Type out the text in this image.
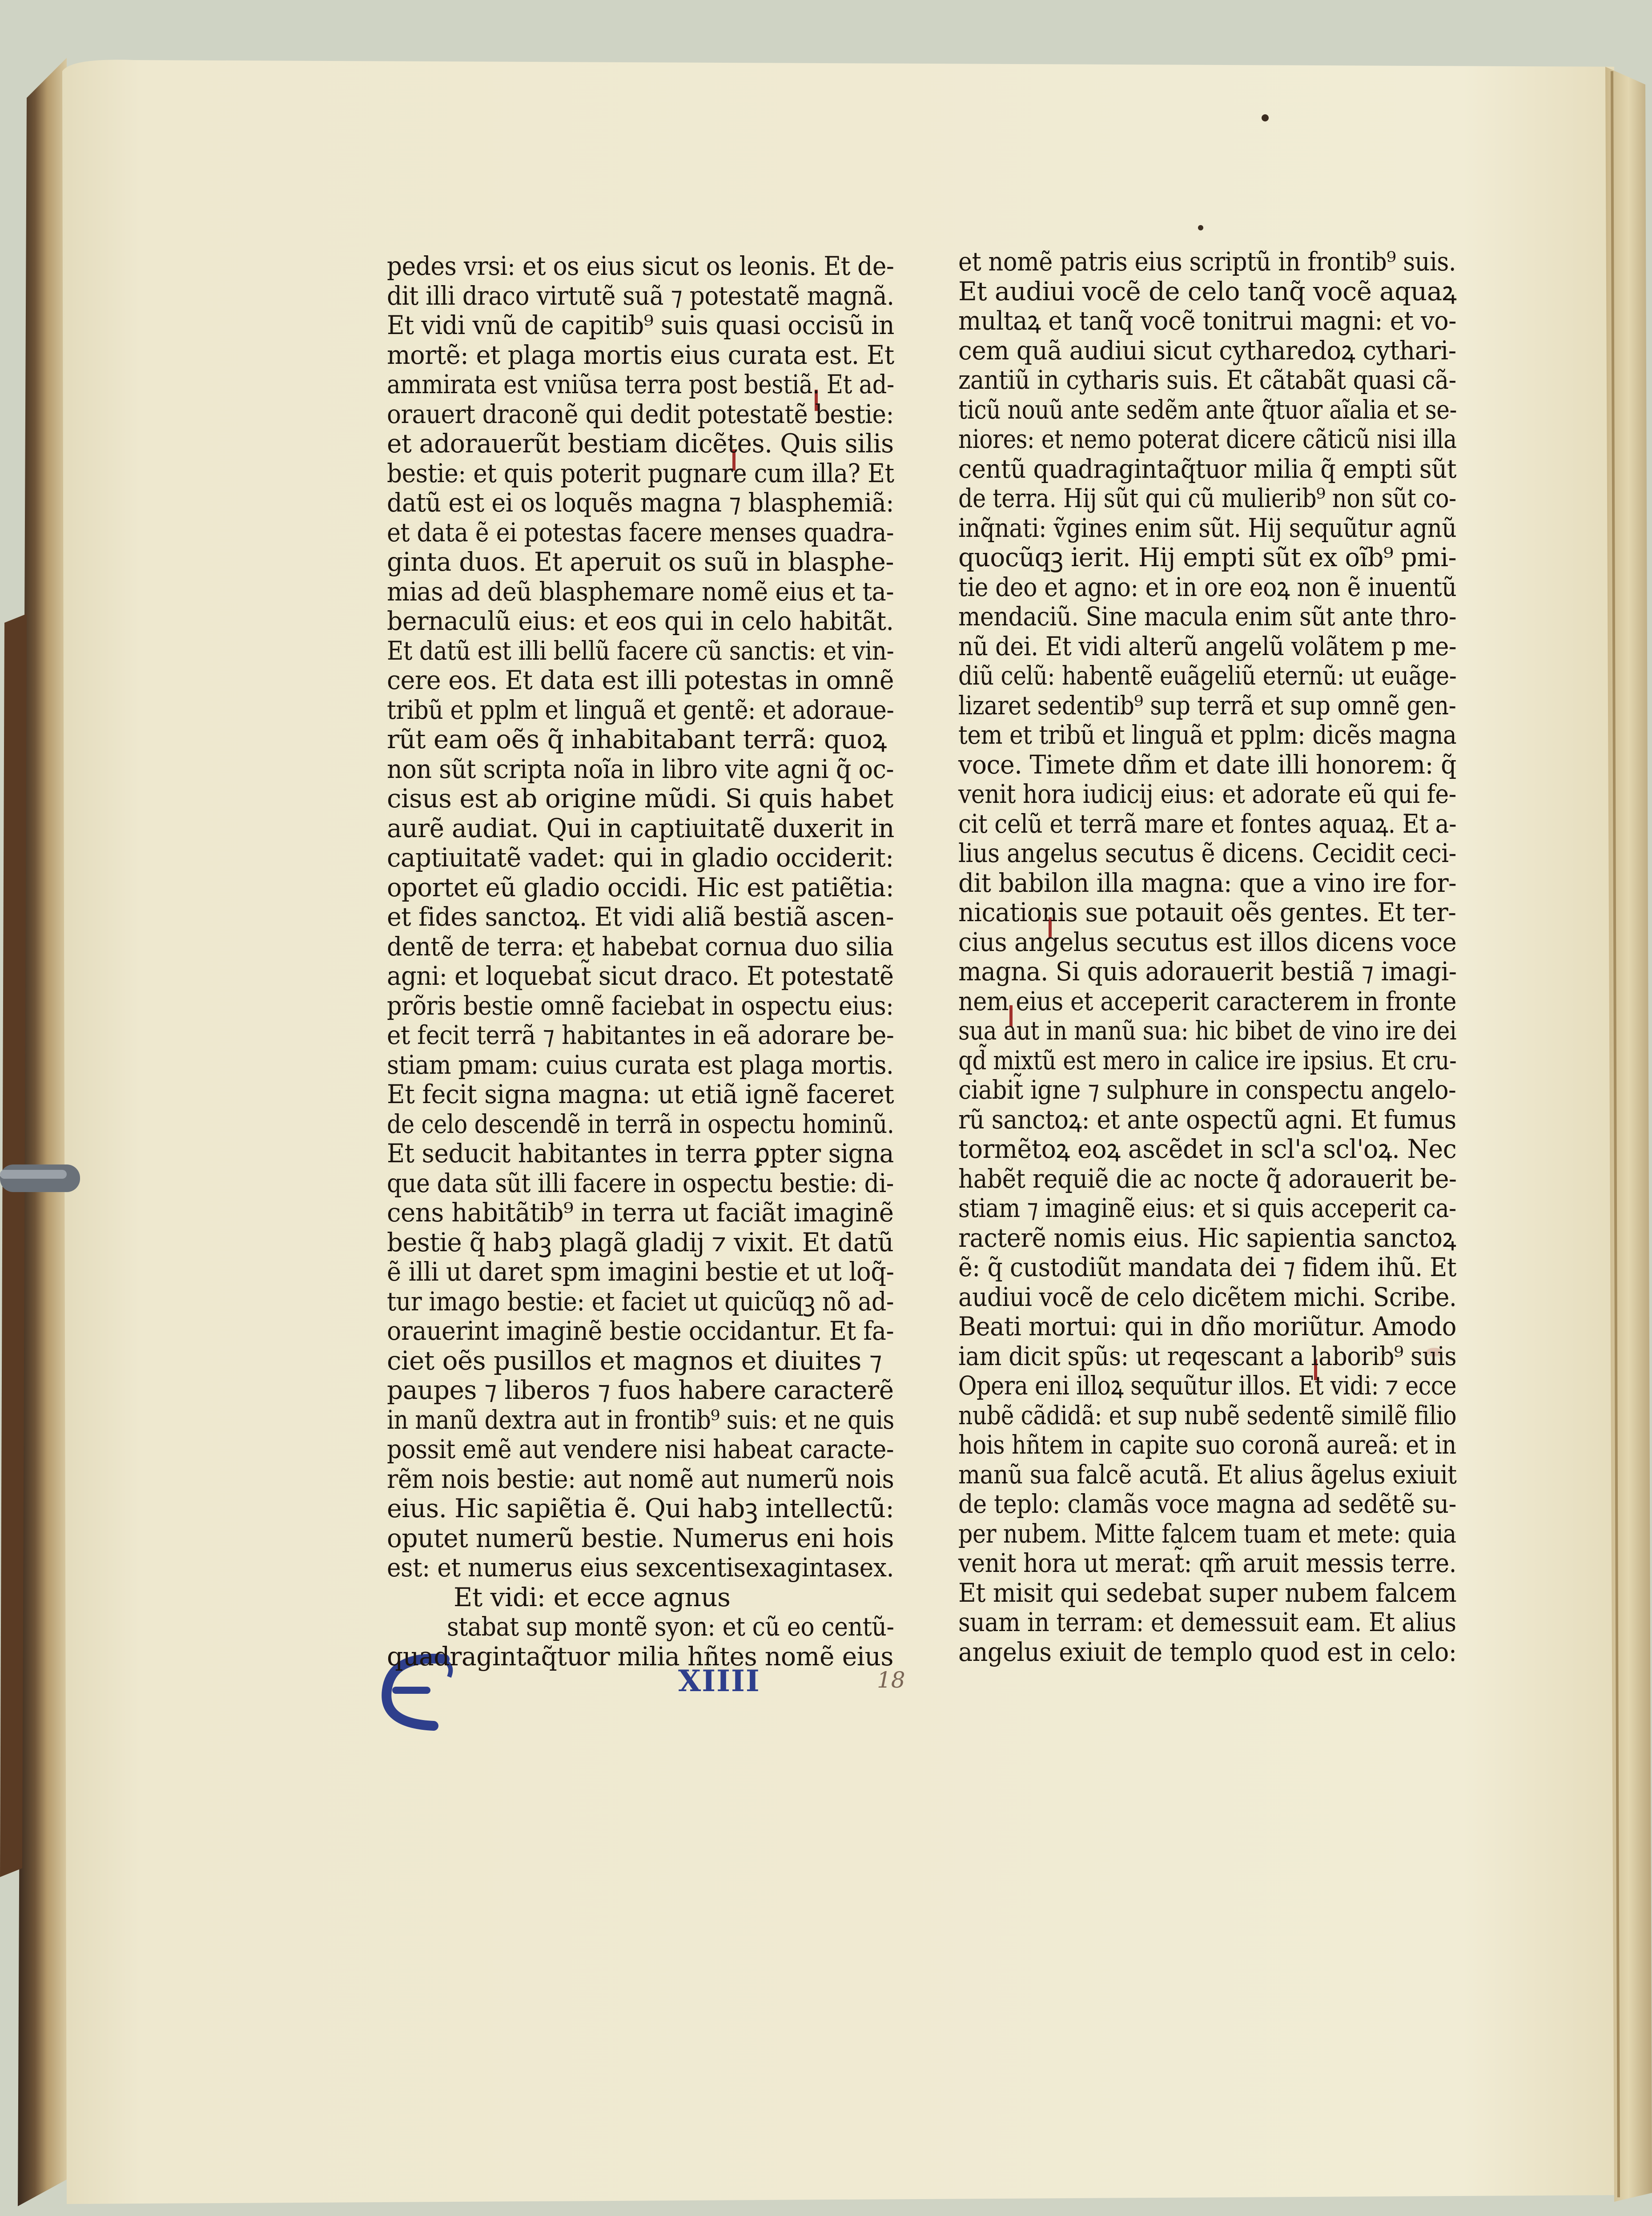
pedes vrsi: et os eius sicut os leonis. Et de-
dit illi draco virtutẽ suã ⁊ potestatẽ magnã.
Et vidi vnũ de capitib⁹ suis quasi occisũ in
mortẽ: et plaga mortis eius curata est. Et
ammirata est vniũsa terra post bestiã. Et ad-
orauert draconẽ qui dedit potestatẽ bestie:
et adorauerũt bestiam dicẽtes. Quis silis
bestie: et quis poterit pugnare cum illa? Et
datũ est ei os loquẽs magna ⁊ blasphemiã:
et data ẽ ei potestas facere menses quadra-
ginta duos. Et aperuit os suũ in blasphe-
mias ad deũ blasphemare nomẽ eius et ta-
bernaculũ eius: et eos qui in celo habitãt.
Et datũ est illi bellũ facere cũ sanctis: et vin-
cere eos. Et data est illi potestas in omnẽ
tribũ et pplm et linguã et gentẽ: et adoraue-
rũt eam oẽs q̃ inhabitabant terrã: quoꝝ
non sũt scripta noĩa in libro vite agni q̃ oc-
cisus est ab origine mũdi. Si quis habet
aurẽ audiat. Qui in captiuitatẽ duxerit in
captiuitatẽ vadet: qui in gladio occiderit:
oportet eũ gladio occidi. Hic est patiẽtia:
et fides sanctoꝝ. Et vidi aliã bestiã ascen-
dentẽ de terra: et habebat cornua duo silia
agni: et loquebat̃ sicut draco. Et potestatẽ
prõris bestie omnẽ faciebat in ospectu eius:
et fecit terrã ⁊ habitantes in eã adorare be-
stiam pmam: cuius curata est plaga mortis.
Et fecit signa magna: ut etiã ignẽ faceret
de celo descendẽ in terrã in ospectu hominũ.
Et seducit habitantes in terra ꝑpter signa
que data sũt illi facere in ospectu bestie: di-
cens habitãtib⁹ in terra ut faciãt imaginẽ
bestie q̃ habꝫ plagã gladij ⁊ vixit. Et datũ
ẽ illi ut daret spm imagini bestie et ut loq̃-
tur imago bestie: et faciet ut quicũqꝫ nõ ad-
orauerint imaginẽ bestie occidantur. Et fa-
ciet oẽs pusillos et magnos et diuites ⁊
paupes ⁊ liberos ⁊ fuos habere caracterẽ
in manũ dextra aut in frontib⁹ suis: et ne quis
possit emẽ aut vendere nisi habeat caracte-
rẽm nois bestie: aut nomẽ aut numerũ nois
eius. Hic sapiẽtia ẽ. Qui habꝫ intellectũ:
oputet numerũ bestie. Numerus eni hois
est: et numerus eius sexcentisexagintasex.
Et vidi: et ecce agnus
stabat sup montẽ syon: et cũ eo centũ-
quadragintaq̃tuor milia hñtes nomẽ eius
et nomẽ patris eius scriptũ in frontib⁹ suis.
Et audiui vocẽ de celo tanq̃ vocẽ aquaꝝ
multaꝝ et tanq̃ vocẽ tonitrui magni: et vo-
cem quã audiui sicut cytharedoꝝ cythari-
zantiũ in cytharis suis. Et cãtabãt quasi cã-
ticũ nouũ ante sedẽm ante q̃tuor aĩalia et se-
niores: et nemo poterat dicere cãticũ nisi illa
centũ quadragintaq̃tuor milia q̃ empti sũt
de terra. Hij sũt qui cũ mulierib⁹ non sũt co-
inq̃nati: ṽgines enim sũt. Hij sequũtur agnũ
quocũqꝫ ierit. Hij empti sũt ex oĩb⁹ pmi-
tie deo et agno: et in ore eoꝝ non ẽ inuentũ
mendaciũ. Sine macula enim sũt ante thro-
nũ dei. Et vidi alterũ angelũ volãtem p me-
diũ celũ: habentẽ euãgeliũ eternũ: ut euãge-
lizaret sedentib⁹ sup terrã et sup omnẽ gen-
tem et tribũ et linguã et pplm: dicẽs magna
voce. Timete dñm et date illi honorem: q̃
venit hora iudicij eius: et adorate eũ qui fe-
cit celũ et terrã mare et fontes aquaꝝ. Et a-
lius angelus secutus ẽ dicens. Cecidit ceci-
dit babilon illa magna: que a vino ire for-
nicationis sue potauit oẽs gentes. Et ter-
cius angelus secutus est illos dicens voce
magna. Si quis adorauerit bestiã ⁊ imagi-
nem eius et acceperit caracterem in fronte
sua aut in manũ sua: hic bibet de vino ire dei
qd̃ mixtũ est mero in calice ire ipsius. Et cru-
ciabit̃ igne ⁊ sulphure in conspectu angelo-
rũ sanctoꝝ: et ante ospectũ agni. Et fumus
tormẽtoꝝ eoꝝ ascẽdet in scl'a scl'oꝝ. Nec
habẽt requiẽ die ac nocte q̃ adorauerit be-
stiam ⁊ imaginẽ eius: et si quis acceperit ca-
racterẽ nomis eius. Hic sapientia sanctoꝝ
ẽ: q̃ custodiũt mandata dei ⁊ fidem ihũ. Et
audiui vocẽ de celo dicẽtem michi. Scribe.
Beati mortui: qui in dño moriũtur. Amodo
iam dicit spũs: ut reqescant a laborib⁹ suis
Opera eni illoꝝ sequũtur illos. Et vidi: ⁊ ecce
nubẽ cãdidã: et sup nubẽ sedentẽ similẽ filio
hois hñtem in capite suo coronã aureã: et in
manũ sua falcẽ acutã. Et alius ãgelus exiuit
de teplo: clamãs voce magna ad sedẽtẽ su-
per nubem. Mitte falcem tuam et mete: quia
venit hora ut merat̃: qm̃ aruit messis terre.
Et misit qui sedebat super nubem falcem
suam in terram: et demessuit eam. Et alius
angelus exiuit de templo quod est in celo:
XIIII	18
